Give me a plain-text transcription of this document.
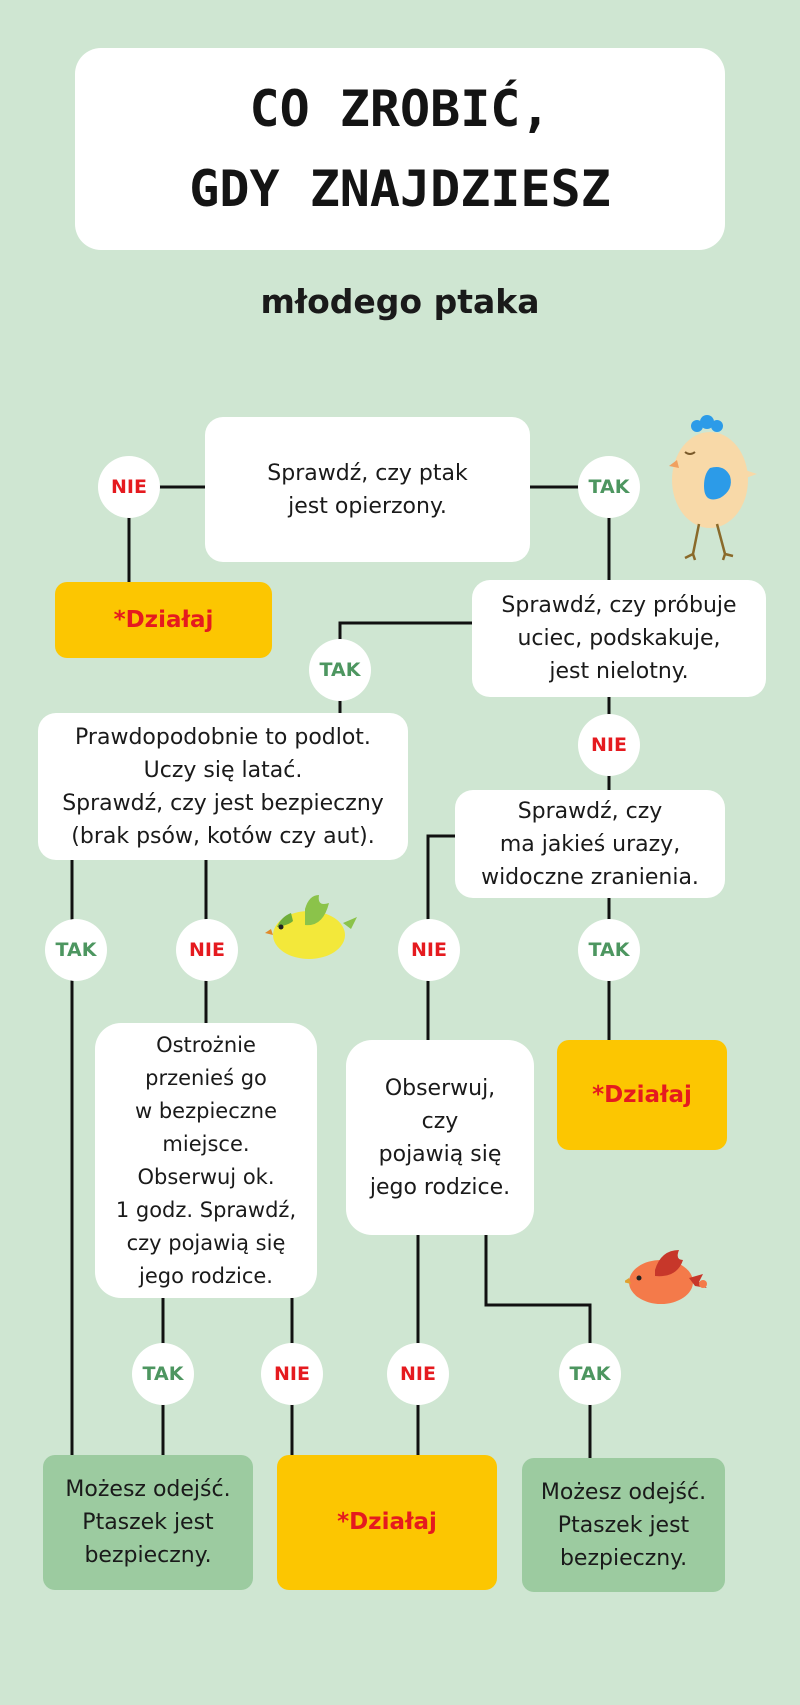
CO ZROBIĆ,
GDY ZNAJDZIESZ
młodego ptaka
Sprawdź, czy ptak
jest opierzony.
*Działaj
Sprawdź, czy próbuje
uciec, podskakuje,
jest nielotny.
Prawdopodobnie to podlot.
Uczy się latać.
Sprawdź, czy jest bezpieczny
(brak psów, kotów czy aut).
Sprawdź, czy
ma jakieś urazy,
widoczne zranienia.
*Działaj
Ostrożnie
przenieś go
w bezpieczne
miejsce.
Obserwuj ok.
1 godz. Sprawdź,
czy pojawią się
jego rodzice.
Obserwuj,
czy
pojawią się
jego rodzice.
Możesz odejść.
Ptaszek jest
bezpieczny.
*Działaj
Możesz odejść.
Ptaszek jest
bezpieczny.
NIE	TAK
TAK
NIE
TAK	NIE	NIE	TAK
TAK	NIE	NIE	TAK
